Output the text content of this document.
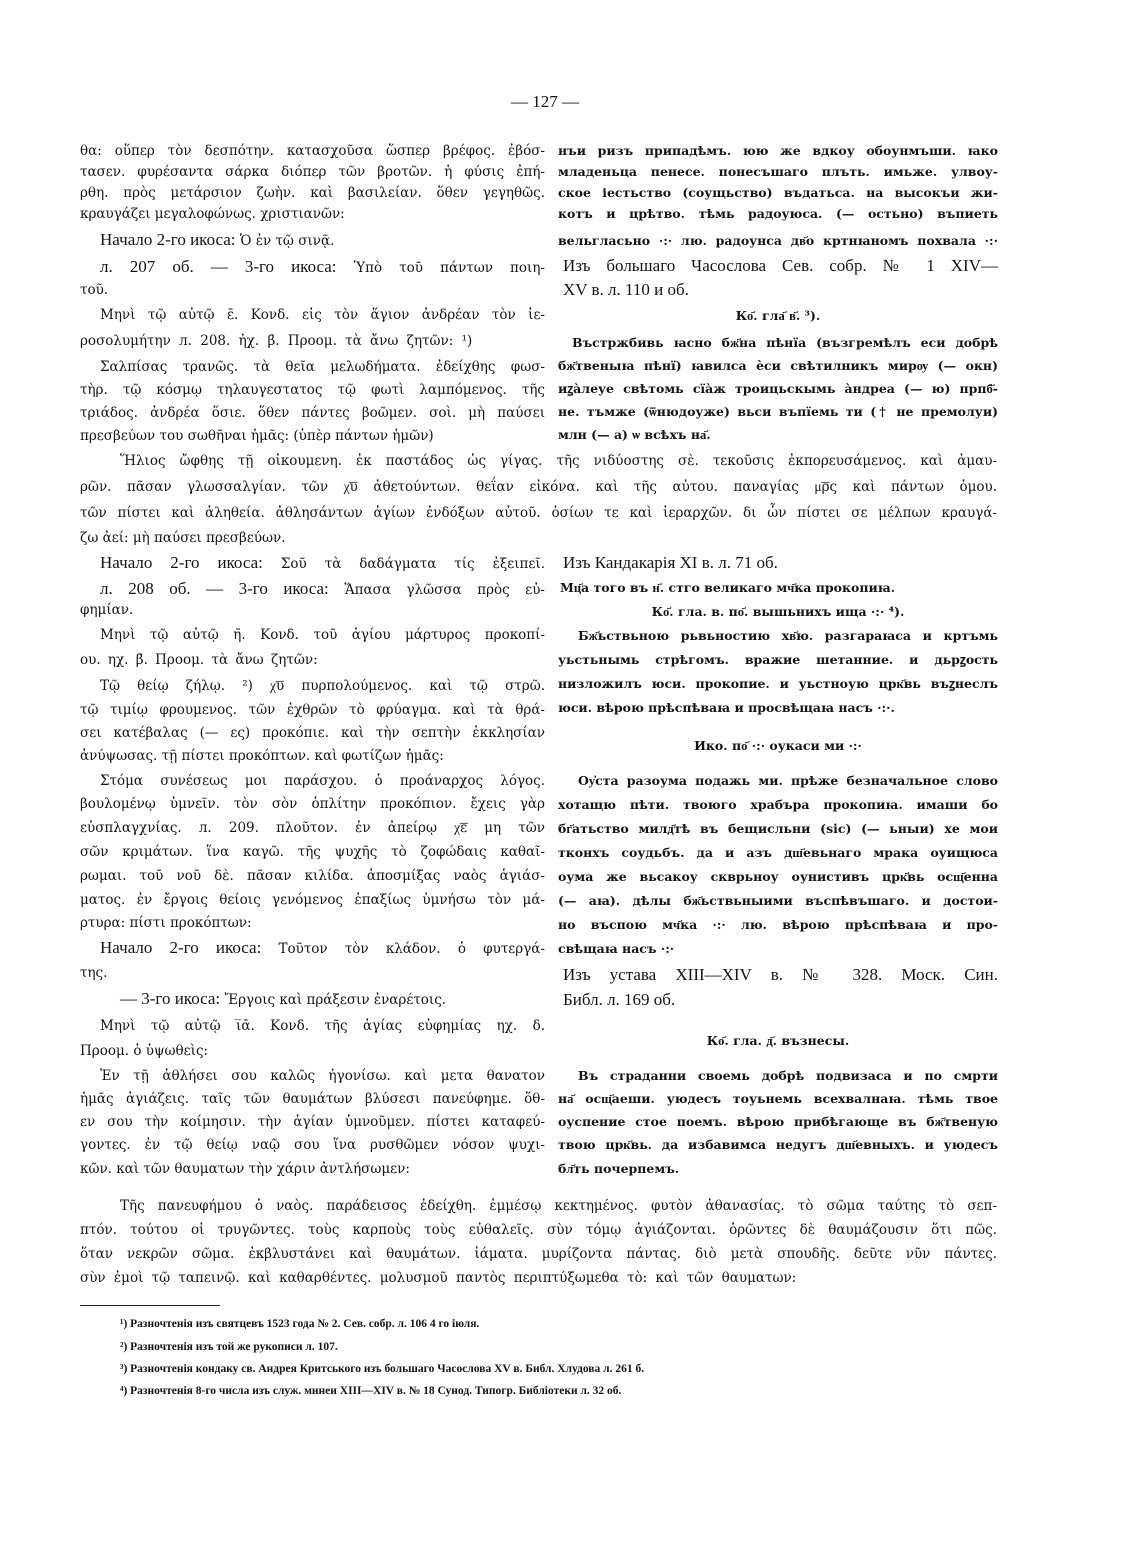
— 127 —
θα: οὕπερ τὸν δεσπότην. κατασχοῦσα ὥσπερ βρέφος. ἐβόσ-
τασεν. φυρέσαντα σάρκα διόπερ τῶν βροτῶν. ἡ φύσις ἐπή-
ρθη. πρὸς μετάρσιον ζωὴν. καὶ βασιλείαν. ὅθεν γεγηθῶς.
κραυγάζει μεγαλοφώνως. χριστιανῶν:
Начало 2-го икоса: Ὁ ἐν τῷ σινᾷ.
л. 207 об. — 3-го икоса: Ὑπὸ τοῦ πάντων ποιη-
τοῦ.
Μηνὶ τῷ αὐτῷ ε̄. Κονδ. εἰς τὸν ἅγιον ἀνδρέαν τὸν ἱε-
ροσολυμήτην л. 208. ἠχ. β̄. Προομ. τὰ ἄνω ζητῶν: ¹)
Σαλπίσας τρανῶς. τὰ θεῖα μελωδήματα. ἐδείχθης φωσ-
τὴρ. τῷ κόσμῳ τηλαυγεστατος τῷ φωτὶ λαμπόμενος. τῆς
τριάδος. ἀνδρέα ὅσιε. ὅθεν πάντες βοῶμεν. σοὶ. μὴ παύσει
πρεσβεύων του σωθῆναι ἡμᾶς: (ὑπὲρ πάντων ἡμῶν)
нъи ризъ припадѣмъ. юю же вдкоу обоунмъши. ꙗко
младеньца пенесе. понесъшаго плъть. имьже. улвоу-
ское іестьство (соущьство) въдатьса. на высокъи жи-
котъ и црѣтво. тѣмь радоуюса. (— остьно) въпиеть
вельгласьно ·:· лю. радоунса дв҃о кртнꙗномъ похвала ·:·
Изъ большаго Часослова Сев. собр. № 1 XIV—
XV в. л. 110 и об.
Ко҃. гла҃ в҃. ³).
Въстржбивь ꙗсно бж҃на пѣнїа (възгремѣлъ еси добрѣ
бж҃твеныꙗ пѣнї) ꙗвилса ѐси свѣтилникъ мирѹ (— окн)
иꙁа̀леуе свѣтомь сїа̀ж троицьскымь а̀ндреа (— ю) прпб҃-
не. тъмже (ѿнюдоуже) вьси въпїемь ти († не премолуи)
млн (— а) ѡ всѣхъ на҃.
Ἥλιος ὤφθης τῇ οἰκουμενη. ἐκ παστάδος ὡς γίγας. τῆς νιδύοστης σὲ. τεκοῦσις ἐκπορευσάμενος. καὶ ἀμαυ-
ρῶν. πᾶσαν γλωσσαλγίαν. τῶν χ͞υ ἀθετούντων. θεΐαν εἰκόνα. καὶ τῆς αὐτου. παναγίας μ͞ρς καὶ πάντων ὁμου.
τῶν πίστει καὶ ἀληθεία. ἀθλησάντων ἁγίων ἐνδόξων αὐτοῦ. ὁσίων τε καὶ ἱεραρχῶν. δι ὧν πίστει σε μέλπων κραυγά-
ζω ἀεί: μὴ παύσει πρεσβεύων.
Начало 2-го икоса: Σοῦ τὰ δαδάγματα τίς ἐξειπεῖ.
л. 208 об. — 3-го икоса: Ἅπασα γλῶσσα πρὸς εὐ-
φημίαν.
Μηνὶ τῷ αὐτῷ η̄. Κονδ. τοῦ ἁγίου μάρτυρος προκοπί-
ου. ηχ. β̄. Προομ. τὰ ἄνω ζητῶν:
Τῷ θείῳ ζήλῳ. ²) χ͞υ πυρπολούμενος. καὶ τῷ στρῶ.
τῷ τιμίῳ φρουμενος. τῶν ἐχθρῶν τὸ φρύαγμα. καὶ τὰ θρά-
σει κατέβαλας (— ες) προκόπιε. καὶ τὴν σεπτὴν ἐκκλησίαν
ἀνύψωσας. τῇ πίστει προκόπτων. καὶ φωτίζων ἡμᾶς:
Στόμα συνέσεως μοι παράσχου. ὁ προάναρχος λόγος.
βουλομένῳ ὑμνεῖν. τὸν σὸν ὁπλίτην προκόπιον. ἔχεις γὰρ
εὐσπλαγχνίας. л. 209. πλοῦτον. ἐν ἀπείρῳ χ͞ε μη τῶν
σῶν κριμάτων. ἵνα καγῶ. τῆς ψυχῆς τὸ ζοφώδαις καθαῖ-
ρωμαι. τοῦ νοῦ δὲ. πᾶσαν κιλίδα. ἀποσμίξας ναὸς ἁγιάσ-
ματος. ἐν ἔργοις θείοις γενόμενος ἐπαξίως ὑμνήσω τὸν μά-
ρτυρα: πίστι προκόπτων:
Начало 2-го икоса: Τοῦτον τὸν κλάδον. ὁ φυτεργά-
της.
— 3-го икоса: Ἔργοις καὶ πράξεσιν ἐναρέτοις.
Μηνὶ τῷ αὐτῷ ι̅ᾱ. Κονδ. τῆς ἁγίας εὐφημίας ηχ. δ.
Προομ. ὁ ὑψωθεὶς:
Ἐν τῇ ἀθλήσει σου καλῶς ἠγονίσω. καὶ μετα θανατον
ἡμᾶς ἁγιάζεις. ταῖς τῶν θαυμάτων βλύσεσι πανεύφημε. ὅθ-
εν σου τὴν κοίμησιν. τὴν ἁγίαν ὑμνοῦμεν. πίστει καταφεύ-
γοντες. ἐν τῷ θείῳ ναῷ σου ἵνα ρυσθῶμεν νόσον ψυχι-
κῶν. καὶ τῶν θαυματων τὴν χάριν ἀντλήσωμεν:
Изъ Кандакарія XI в. л. 71 об.
Мц҃а того въ н҃. стго великаго мч҃ка прокопиꙗ.
Ко҃. гла. в. по҃. вышьнихъ ища ·:· ⁴).
Бж҃ьствьною рьвьностию хв҃ю. разгараꙗса и кртъмь
уьстьнымь стрѣгомъ. вражие шетанние. и дьрꙁость
низложилъ юси. прокопие. и уьстноую црк҃вь въꙁнеслъ
юси. вѣрою прѣспѣваꙗ и просвѣщаꙗ насъ ·:·.
Ико. по҃ ·:· оукаси ми ·:·
Оу҆ста разоума подажь ми. прѣже безначальное слово
хотащю пѣти. твоюго храбъра прокопиꙗ. имаши бо
бг҃атьство милд҃тѣ въ бещисльни (sic) (— ьныи) хе мои
тконхъ соудьбъ. да и азъ дш҃евьнаго мрака оуищюса
оума же вьсакоу скврьноу оунистивъ црк҃вь осщ҃енна
(— аꙗ). дѣлы бж҃ьствьныими въспѣвъшаго. и достои-
но въспою мч҃ка ·:· лю. вѣрою прѣспѣваꙗ и про-
свѣщаꙗ насъ ·:·
Изъ устава XIII—XIV в. № 328. Моск. Син.
Библ. л. 169 об.
Ко҃. гла. д҃. възнесы.
Въ страданни своемь добрѣ подвизаса и по смрти
на҃ осщ҃аеши. уюдесъ тоуьнемь всехвалнаꙗ. тѣмь твое
оуспение стое поемъ. вѣрою прибѣгающе въ бж҃твеную
твою црк҃вь. да избавимса недугъ дш҃евныхъ. и уюдесъ
бл҃ть почерпемъ.
Τῆς πανευφήμου ὁ ναὸς. παράδεισος ἐδείχθη. ἐμμέσῳ κεκτημένος. φυτὸν ἀθανασίας. τὸ σῶμα ταύτης τὸ σεπ-
πτόν. τούτου οἱ τρυγῶντες. τοὺς καρποὺς τοὺς εὐθαλεῖς. σὺν τόμῳ ἁγιάζονται. ὁρῶντες δὲ θαυμάζουσιν ὅτι πῶς.
ὅταν νεκρῶν σῶμα. ἐκβλυστάνει καὶ θαυμάτων. ἰάματα. μυρίζοντα πάντας. διὸ μετὰ σπουδῆς. δεῦτε νῦν πάντες.
σὺν ἐμοὶ τῷ ταπεινῷ. καὶ καθαρθέντες. μολυσμοῦ παντὸς περιπτύξωμεθα τὸ: καὶ τῶν θαυματων:
¹) Разночтенія изъ святцевъ 1523 года № 2. Сев. собр. л. 106 4 го іюля.
²) Разночтенія изъ той же рукописи л. 107.
³) Разночтенія кондаку св. Андрея Критського изъ большаго Часослова XV в. Библ. Хлудова л. 261 б.
⁴) Разночтенія 8-го числа изъ служ. минеи XIII—XIV в. № 18 Сунод. Типогр. Библіотеки л. 32 об.
